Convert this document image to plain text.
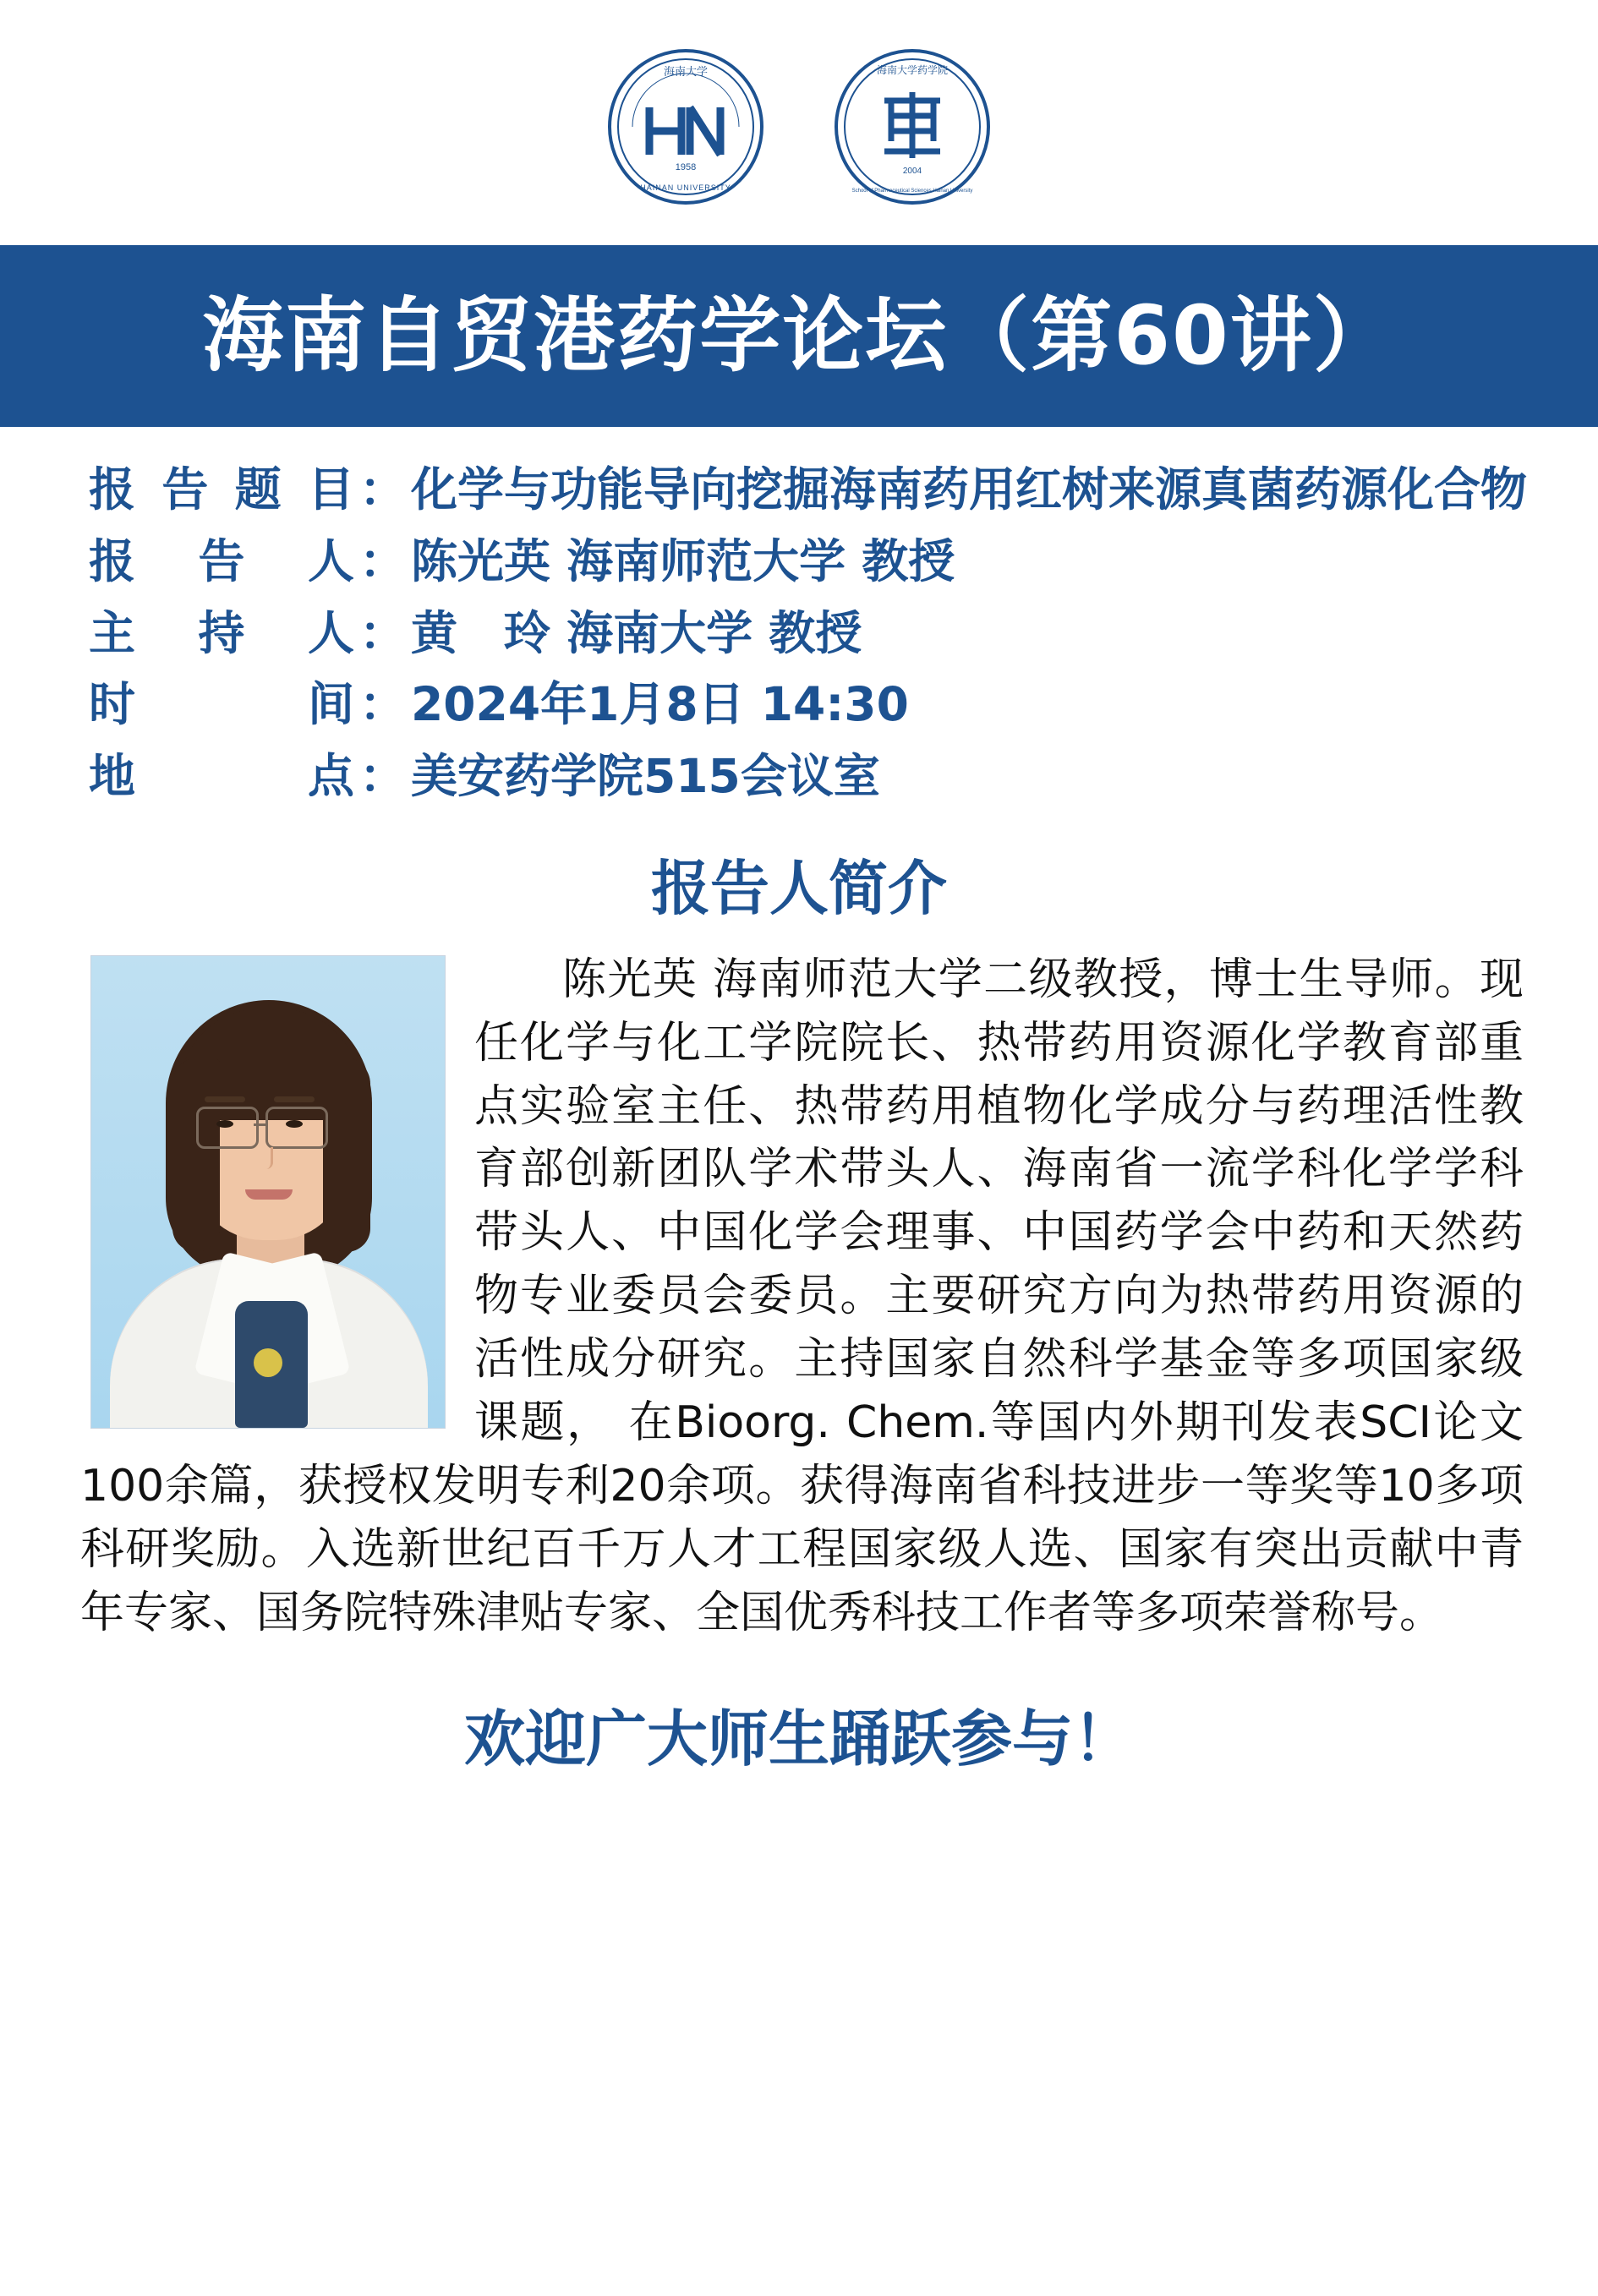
海南大学
HAINAN UNIVERSITY
1958
海南大学药学院
School of Pharmaceutical Sciences Hainan University
2004
海南自贸港药学论坛（第60讲）
报 告 题 目 ： 化学与功能导向挖掘海南药用红树来源真菌药源化合物
报 告 人 ： 陈光英 海南师范大学 教授
主 持 人 ： 黄　玲 海南大学 教授
时	间 ： 2024年1月8日 14:30
地	点 ： 美安药学院515会议室
报告人简介

陈光英 海南师范大学二级教授，博士生导师。现任化学与化工学院院长、热带药用资源化学教育部重点实验室主任、热带药用植物化学成分与药理活性教育部创新团队学术带头人、海南省一流学科化学学科带头人、中国化学会理事、中国药学会中药和天然药物专业委员会委员。主要研究方向为热带药用资源的活性成分研究。主持国家自然科学基金等多项国家级课题， 在Bioorg. Chem.等国内外期刊发表SCI论文100余篇，获授权发明专利20余项。获得海南省科技进步一等奖等10多项科研奖励。入选新世纪百千万人才工程国家级人选、国家有突出贡献中青年专家、国务院特殊津贴专家、全国优秀科技工作者等多项荣誉称号。

欢迎广大师生踊跃参与！
